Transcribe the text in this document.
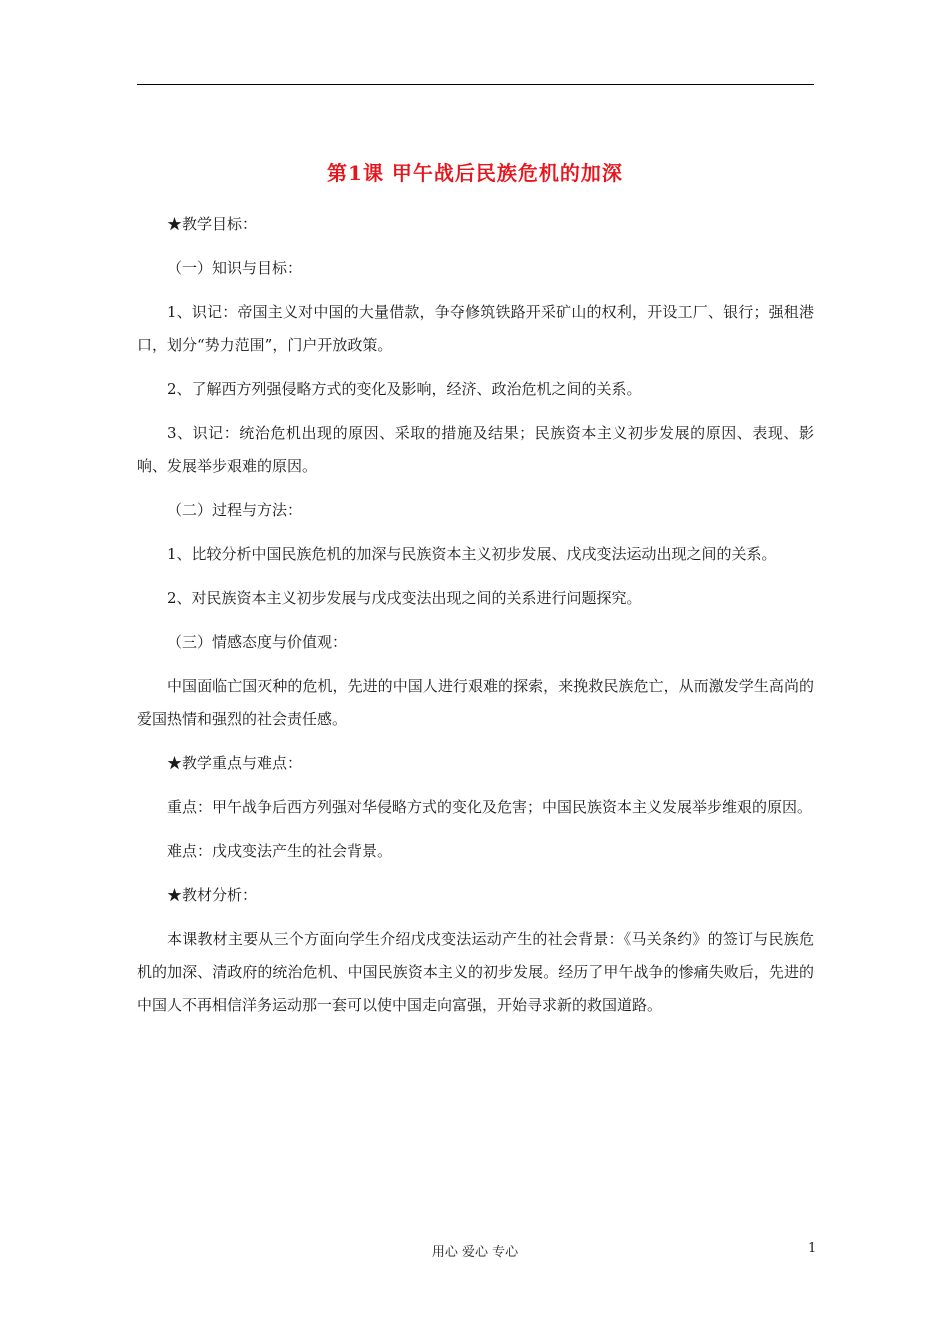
第1课 甲午战后民族危机的加深

★教学目标：

（一）知识与目标：

1、识记：帝国主义对中国的大量借款，争夺修筑铁路开采矿山的权利，开设工厂、银行；强租港口，划分“势力范围”，门户开放政策。

2、了解西方列强侵略方式的变化及影响，经济、政治危机之间的关系。

3、识记：统治危机出现的原因、采取的措施及结果；民族资本主义初步发展的原因、表现、影响、发展举步艰难的原因。

（二）过程与方法：

1、比较分析中国民族危机的加深与民族资本主义初步发展、戊戌变法运动出现之间的关系。

2、对民族资本主义初步发展与戊戌变法出现之间的关系进行问题探究。

（三）情感态度与价值观：

中国面临亡国灭种的危机，先进的中国人进行艰难的探索，来挽救民族危亡，从而激发学生高尚的爱国热情和强烈的社会责任感。

★教学重点与难点：

重点：甲午战争后西方列强对华侵略方式的变化及危害；中国民族资本主义发展举步维艰的原因。

难点：戊戌变法产生的社会背景。

★教材分析：

本课教材主要从三个方面向学生介绍戊戌变法运动产生的社会背景：《马关条约》的签订与民族危机的加深、清政府的统治危机、中国民族资本主义的初步发展。经历了甲午战争的惨痛失败后，先进的中国人不再相信洋务运动那一套可以使中国走向富强，开始寻求新的救国道路。

用心 爱心 专心	1
